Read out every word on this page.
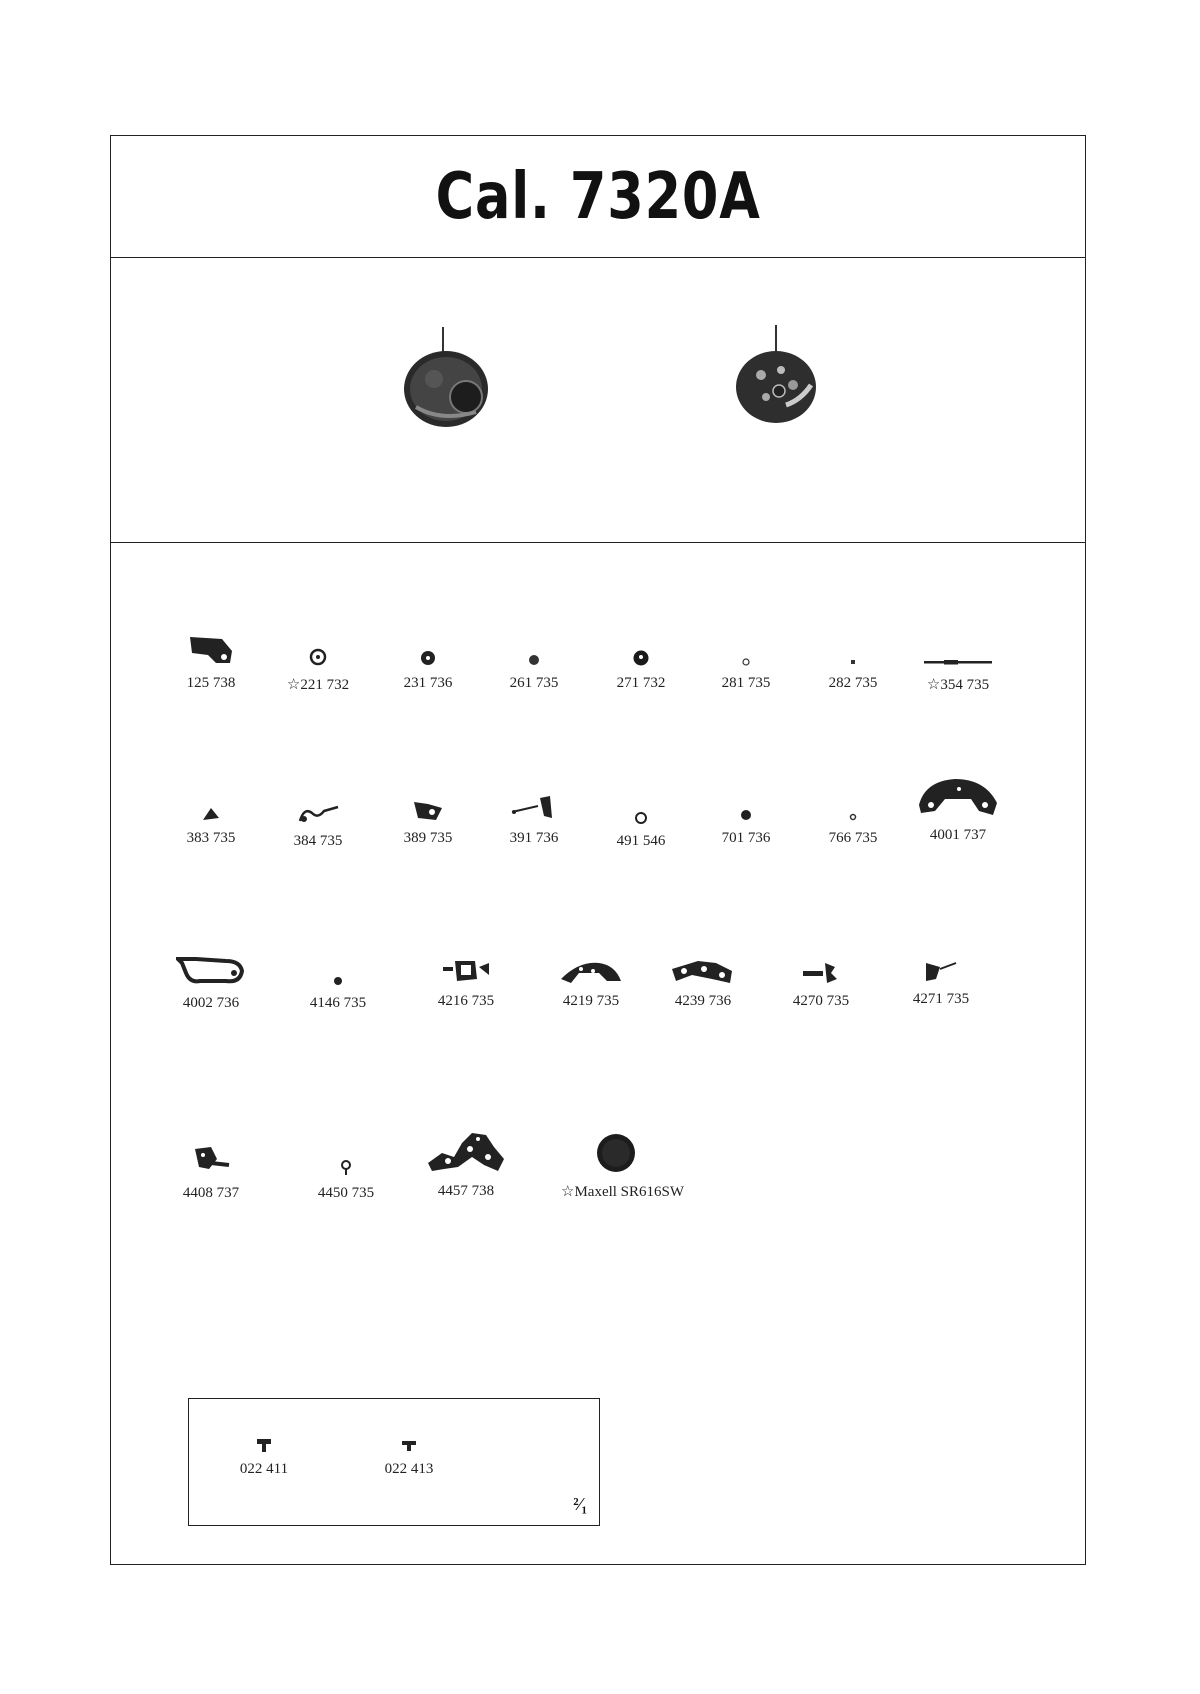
Cal. 7320A
125 738	☆221 732	231 736	261 735	271 732	281 735	282 735	☆354 735
383 735	384 735	389 735	391 736	491 546	701 736	766 735	4001 737
4002 736	4146 735	4216 735	4219 735	4239 736	4270 735	4271 735
4408 737	4450 735	4457 738	☆Maxell SR616SW
022 411	022 413
²⁄₁
